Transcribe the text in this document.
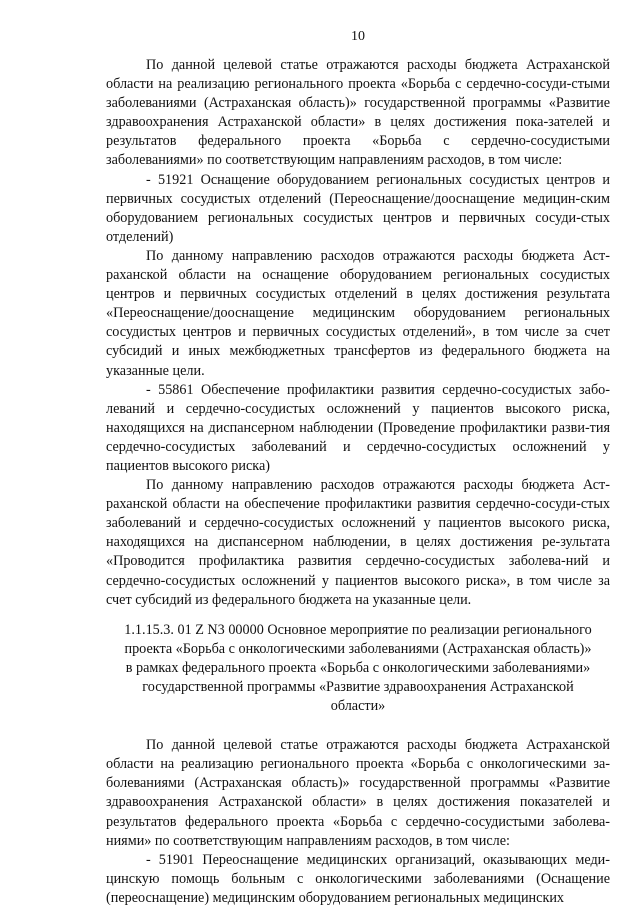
10

По данной целевой статье отражаются расходы бюджета Астраханской области на реализацию регионального проекта «Борьба с сердечно-сосуди-стыми заболеваниями (Астраханская область)» государственной программы «Развитие здравоохранения Астраханской области» в целях достижения пока-зателей и результатов федерального проекта «Борьба с сердечно-сосудистыми заболеваниями» по соответствующим направлениям расходов, в том числе:

- 51921 Оснащение оборудованием региональных сосудистых центров и первичных сосудистых отделений (Переоснащение/дооснащение медицин-ским оборудованием региональных сосудистых центров и первичных сосуди-стых отделений)

По данному направлению расходов отражаются расходы бюджета Аст-раханской области на оснащение оборудованием региональных сосудистых центров и первичных сосудистых отделений в целях достижения результата «Переоснащение/дооснащение медицинским оборудованием региональных сосудистых центров и первичных сосудистых отделений», в том числе за счет субсидий и иных межбюджетных трансфертов из федерального бюджета на указанные цели.

- 55861 Обеспечение профилактики развития сердечно-сосудистых забо-леваний и сердечно-сосудистых осложнений у пациентов высокого риска, находящихся на диспансерном наблюдении (Проведение профилактики разви-тия сердечно-сосудистых заболеваний и сердечно-сосудистых осложнений у пациентов высокого риска)

По данному направлению расходов отражаются расходы бюджета Аст-раханской области на обеспечение профилактики развития сердечно-сосуди-стых заболеваний и сердечно-сосудистых осложнений у пациентов высокого риска, находящихся на диспансерном наблюдении, в целях достижения ре-зультата «Проводится профилактика развития сердечно-сосудистых заболева-ний и сердечно-сосудистых осложнений у пациентов высокого риска», в том числе за счет субсидий из федерального бюджета на указанные цели.

1.1.15.3. 01 Z N3 00000 Основное мероприятие по реализации регионального
проекта «Борьба с онкологическими заболеваниями (Астраханская область)»
в рамках федерального проекта «Борьба с онкологическими заболеваниями»
государственной программы «Развитие здравоохранения Астраханской
области»

По данной целевой статье отражаются расходы бюджета Астраханской области на реализацию регионального проекта «Борьба с онкологическими за-болеваниями (Астраханская область)» государственной программы «Развитие здравоохранения Астраханской области» в целях достижения показателей и результатов федерального проекта «Борьба с сердечно-сосудистыми заболева-ниями» по соответствующим направлениям расходов, в том числе:

- 51901 Переоснащение медицинских организаций, оказывающих меди-цинскую помощь больным с онкологическими заболеваниями (Оснащение (переоснащение) медицинским оборудованием региональных медицинских
